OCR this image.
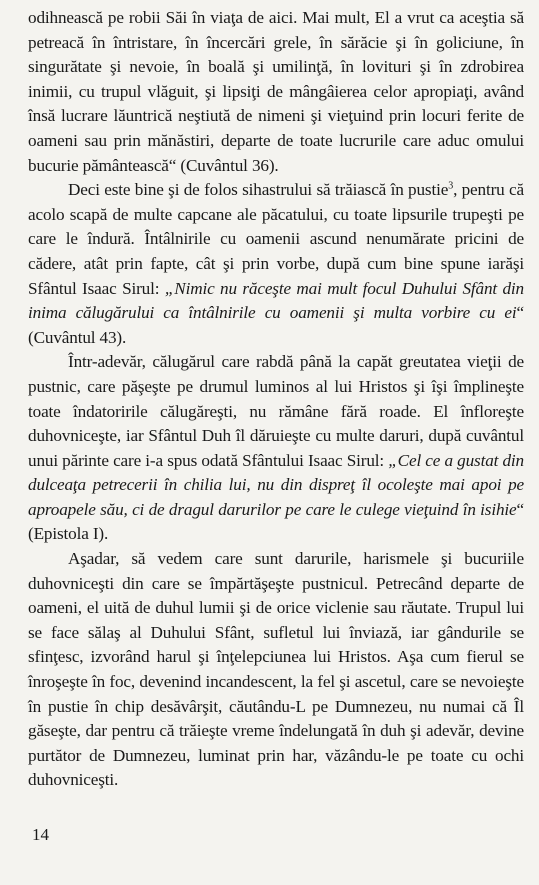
odihnească pe robii Săi în viaţa de aici. Mai mult, El a vrut ca aceştia să petreacă în întristare, în încercări grele, în sărăcie şi în goliciune, în singurătate şi nevoie, în boală şi umilinţă, în lovituri şi în zdrobirea inimii, cu trupul vlăguit, şi lipsiţi de mângâierea celor apropiaţi, având însă lucrare lăuntrică neştiută de nimeni şi vieţuind prin locuri ferite de oameni sau prin mănăstiri, departe de toate lucrurile care aduc omului bucurie pământească“ (Cuvântul 36).

Deci este bine şi de folos sihastrului să trăiască în pustie$^3$, pentru că acolo scapă de multe capcane ale păcatului, cu toate lipsurile trupeşti pe care le îndură. Întâlnirile cu oamenii ascund nenumărate pricini de cădere, atât prin fapte, cât şi prin vorbe, după cum bine spune iarăşi Sfântul Isaac Sirul: „Nimic nu răceşte mai mult focul Duhului Sfânt din inima călugărului ca întâlnirile cu oamenii şi multa vorbire cu ei“ (Cuvântul 43).

Într-adevăr, călugărul care rabdă până la capăt greutatea vieţii de pustnic, care păşeşte pe drumul luminos al lui Hristos şi îşi împlineşte toate îndatoririle călugăreşti, nu rămâne fără roade. El înfloreşte duhovniceşte, iar Sfântul Duh îl dăruieşte cu multe daruri, după cuvântul unui părinte care i-a spus odată Sfântului Isaac Sirul: „Cel ce a gustat din dulceaţa petrecerii în chilia lui, nu din dispreţ îl ocoleşte mai apoi pe aproapele său, ci de dragul darurilor pe care le culege vieţuind în isihie“ (Epistola I).

Aşadar, să vedem care sunt darurile, harismele şi bucuriile duhovniceşti din care se împărtăşeşte pustnicul. Petrecând departe de oameni, el uită de duhul lumii şi de orice viclenie sau răutate. Trupul lui se face sălaş al Duhului Sfânt, sufletul lui înviază, iar gândurile se sfinţesc, izvorând harul şi înţelepciunea lui Hristos. Aşa cum fierul se înroşeşte în foc, devenind incandescent, la fel şi ascetul, care se nevoieşte în pustie în chip desăvârşit, căutându-L pe Dumnezeu, nu numai că Îl găseşte, dar pentru că trăieşte vreme îndelungată în duh şi adevăr, devine purtător de Dumnezeu, luminat prin har, văzându-le pe toate cu ochi duhovniceşti.

14
